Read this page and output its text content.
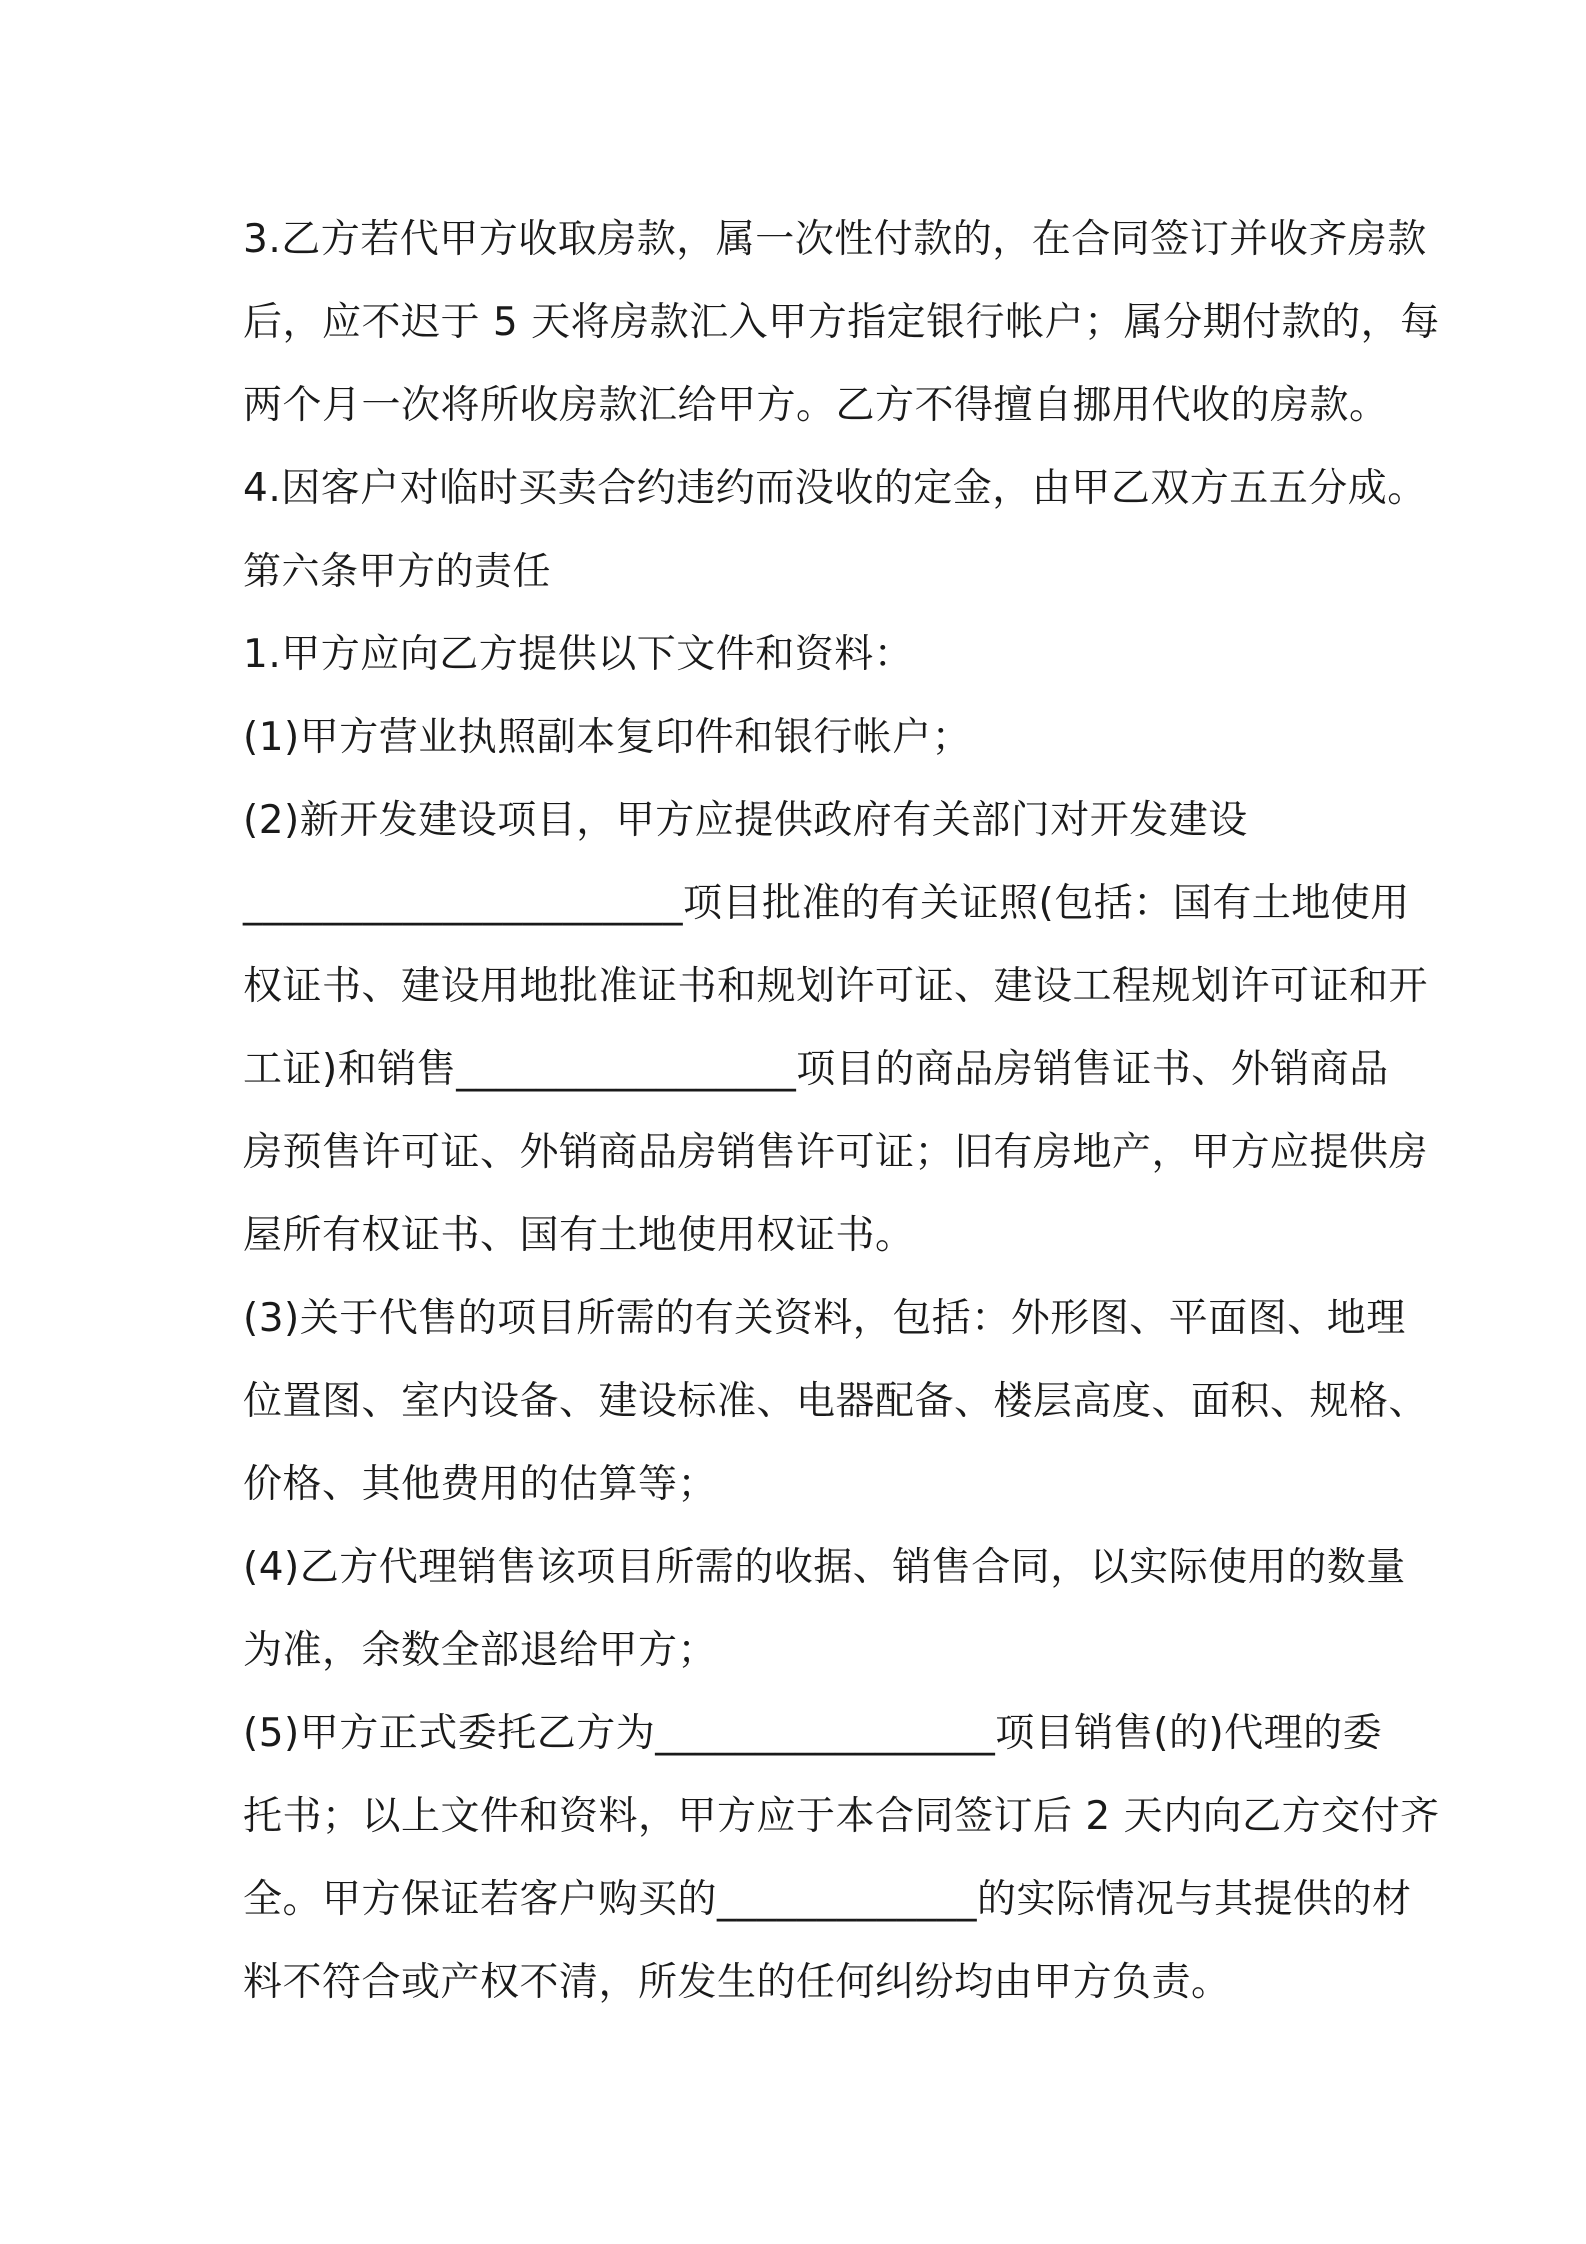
3.乙方若代甲方收取房款，属一次性付款的，在合同签订并收齐房款

后，应不迟于 5 天将房款汇入甲方指定银行帐户；属分期付款的，每

两个月一次将所收房款汇给甲方。乙方不得擅自挪用代收的房款。

4.因客户对临时买卖合约违约而没收的定金，由甲乙双方五五分成。

第六条甲方的责任

1.甲方应向乙方提供以下文件和资料：

(1)甲方营业执照副本复印件和银行帐户；

(2)新开发建设项目，甲方应提供政府有关部门对开发建设

______________________项目批准的有关证照(包括：国有土地使用

权证书、建设用地批准证书和规划许可证、建设工程规划许可证和开

工证)和销售_________________项目的商品房销售证书、外销商品

房预售许可证、外销商品房销售许可证；旧有房地产，甲方应提供房

屋所有权证书、国有土地使用权证书。

(3)关于代售的项目所需的有关资料，包括：外形图、平面图、地理

位置图、室内设备、建设标准、电器配备、楼层高度、面积、规格、

价格、其他费用的估算等；

(4)乙方代理销售该项目所需的收据、销售合同，以实际使用的数量

为准，余数全部退给甲方；

(5)甲方正式委托乙方为_________________项目销售(的)代理的委

托书；以上文件和资料，甲方应于本合同签订后 2 天内向乙方交付齐

全。甲方保证若客户购买的_____________的实际情况与其提供的材

料不符合或产权不清，所发生的任何纠纷均由甲方负责。
